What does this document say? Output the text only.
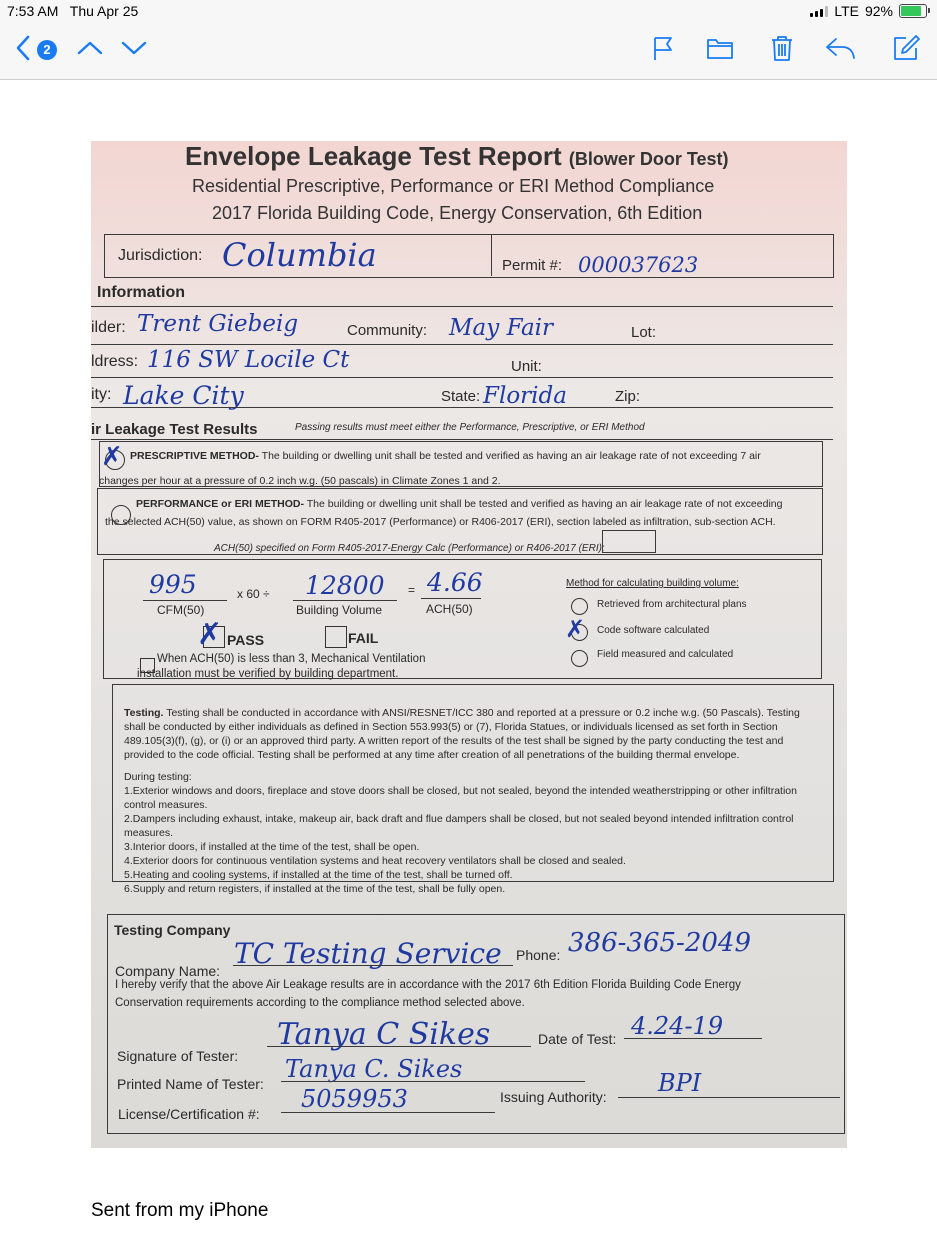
7:53 AM Thu Apr 25	LTE 92%
2
Envelope Leakage Test Report (Blower Door Test)
Residential Prescriptive, Performance or ERI Method Compliance
2017 Florida Building Code, Energy Conservation, 6th Edition
Jurisdiction: Columbia	Permit #: 000037623
Information
ilder: Trent Giebeig	Community: May Fair	Lot:
ldress: 116 SW Locile Ct	Unit:
ity: Lake City	State: Florida	Zip:
ir Leakage Test Results	Passing results must meet either the Performance, Prescriptive, or ERI Method
✗ PRESCRIPTIVE METHOD- The building or dwelling unit shall be tested and verified as having an air leakage rate of not exceeding 7 air
changes per hour at a pressure of 0.2 inch w.g. (50 pascals) in Climate Zones 1 and 2.
PERFORMANCE or ERI METHOD- The building or dwelling unit shall be tested and verified as having an air leakage rate of not exceeding
the selected ACH(50) value, as shown on FORM R405-2017 (Performance) or R406-2017 (ERI), section labeled as infiltration, sub-section ACH.
ACH(50) specified on Form R405-2017-Energy Calc (Performance) or R406-2017 (ERI):
995
CFM(50)
x 60 ÷ 12800
Building Volume
= 4.66
ACH(50)
Method for calculating building volume:
Retrieved from architectural plans
✗ Code software calculated
Field measured and calculated
✗ PASS	FAIL
When ACH(50) is less than 3, Mechanical Ventilation
installation must be verified by building department.
Testing. Testing shall be conducted in accordance with ANSI/RESNET/ICC 380 and reported at a pressure or 0.2 inche w.g. (50 Pascals). Testing shall be conducted by either individuals as defined in Section 553.993(5) or (7), Florida Statues, or individuals licensed as set forth in Section 489.105(3)(f), (g), or (i) or an approved third party. A written report of the results of the test shall be signed by the party conducting the test and provided to the code official. Testing shall be performed at any time after creation of all penetrations of the building thermal envelope.
During testing:
1.Exterior windows and doors, fireplace and stove doors shall be closed, but not sealed, beyond the intended weatherstripping or other infiltration control measures.
2.Dampers including exhaust, intake, makeup air, back draft and flue dampers shall be closed, but not sealed beyond intended infiltration control measures.
3.Interior doors, if installed at the time of the test, shall be open.
4.Exterior doors for continuous ventilation systems and heat recovery ventilators shall be closed and sealed.
5.Heating and cooling systems, if installed at the time of the test, shall be turned off.
6.Supply and return registers, if installed at the time of the test, shall be fully open.
Testing Company
Company Name:
TC Testing Service Phone: 386-365-2049
I hereby verify that the above Air Leakage results are in accordance with the 2017 6th Edition Florida Building Code Energy
Conservation requirements according to the compliance method selected above.
Signature of Tester:
Tanya C Sikes	Date of Test: 4.24-19
Printed Name of Tester:
Tanya C. Sikes
License/Certification #:
5059953	Issuing Authority: BPI
Sent from my iPhone
